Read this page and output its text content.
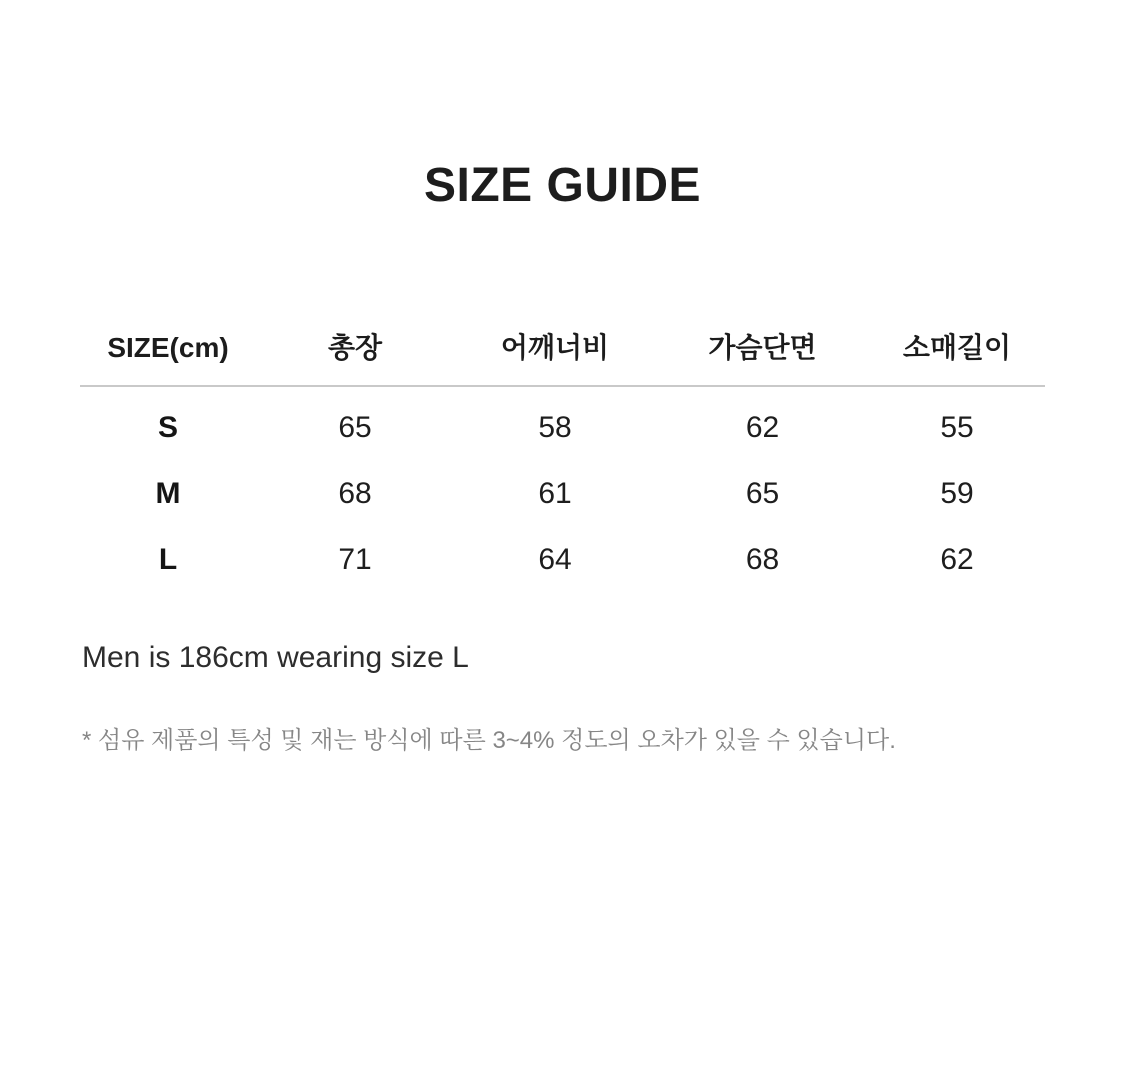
SIZE GUIDE
SIZE(cm)	총장	어깨너비	가슴단면	소매길이
S	65	58	62	55
M	68	61	65	59
L	71	64	68	62
Men is 186cm wearing size L
* 섬유 제품의 특성 및 재는 방식에 따른 3~4% 정도의 오차가 있을 수 있습니다.
